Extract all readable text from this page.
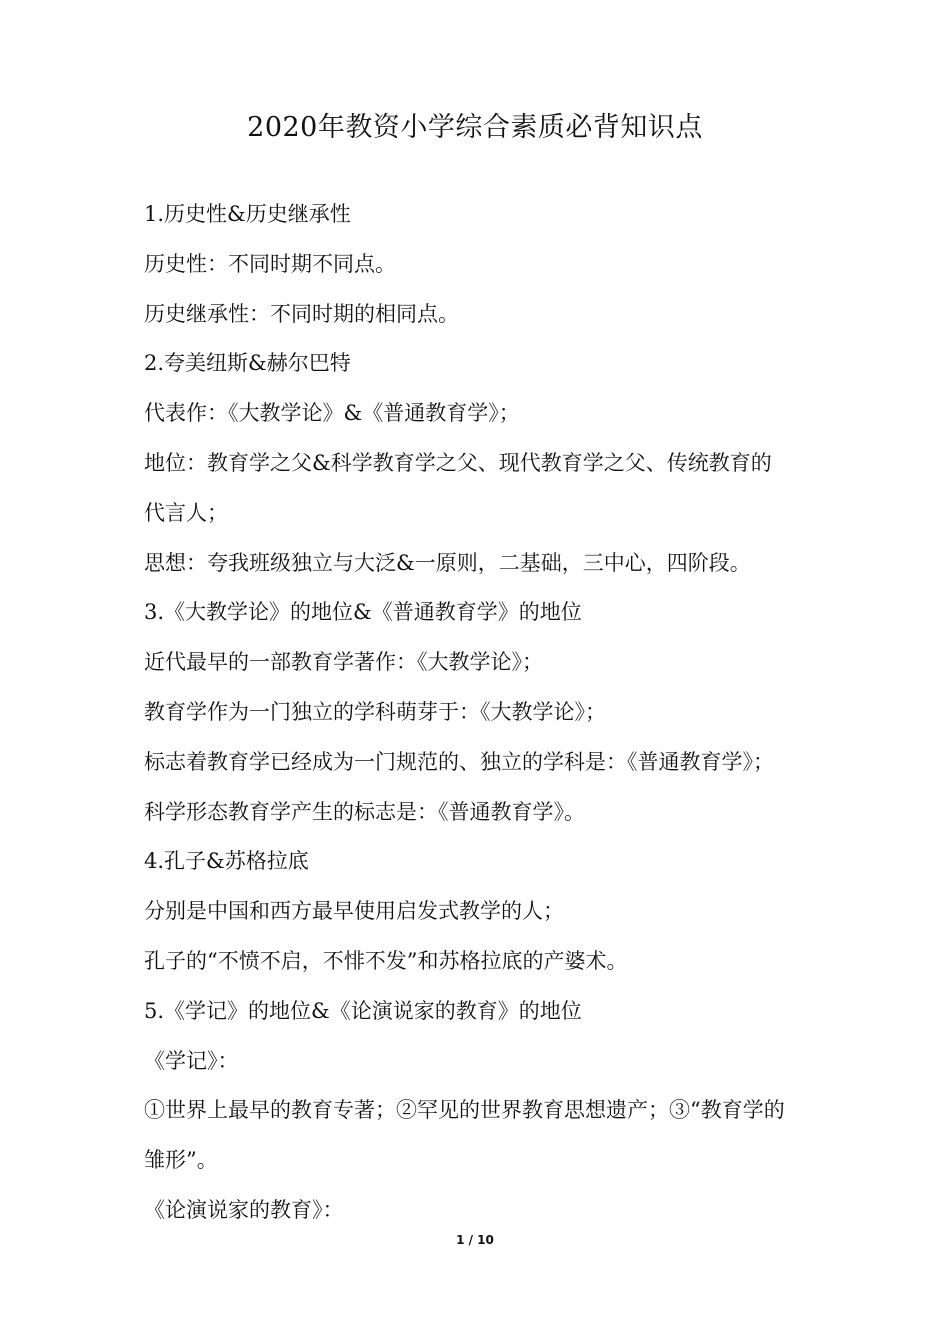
2020年教资小学综合素质必背知识点
1.历史性&历史继承性
历史性：不同时期不同点。
历史继承性：不同时期的相同点。
2.夸美纽斯&赫尔巴特
代表作：《大教学论》&《普通教育学》；
地位：教育学之父&科学教育学之父、现代教育学之父、传统教育的
代言人；
思想：夸我班级独立与大泛&一原则，二基础，三中心，四阶段。
3.《大教学论》的地位&《普通教育学》的地位
近代最早的一部教育学著作：《大教学论》；
教育学作为一门独立的学科萌芽于：《大教学论》；
标志着教育学已经成为一门规范的、独立的学科是：《普通教育学》；
科学形态教育学产生的标志是：《普通教育学》。
4.孔子&苏格拉底
分别是中国和西方最早使用启发式教学的人；
孔子的“不愤不启，不悱不发”和苏格拉底的产婆术。
5.《学记》的地位&《论演说家的教育》的地位
《学记》：
①世界上最早的教育专著；②罕见的世界教育思想遗产；③“教育学的
雏形”。
《论演说家的教育》：
1 / 10
